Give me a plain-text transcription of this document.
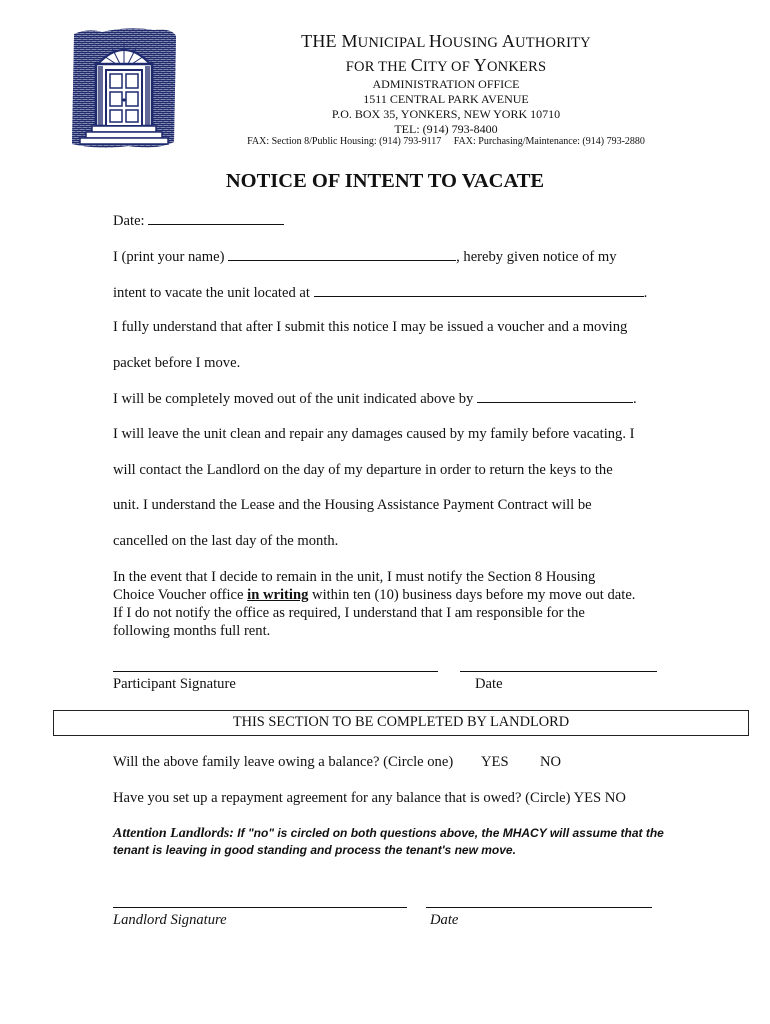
THE MUNICIPAL HOUSING AUTHORITY
FOR THE CITY OF YONKERS
ADMINISTRATION OFFICE
1511 CENTRAL PARK AVENUE
P.O. BOX 35, YONKERS, NEW YORK 10710
TEL: (914) 793-8400
FAX: Section 8/Public Housing: (914) 793-9117     FAX: Purchasing/Maintenance: (914) 793-2880
NOTICE OF INTENT TO VACATE
Date:
I (print your name)	, hereby given notice of my
intent to vacate the unit located at	.
I fully understand that after I submit this notice I may be issued a voucher and a moving
packet before I move.
I will be completely moved out of the unit indicated above by	.
I will leave the unit clean and repair any damages caused by my family before vacating. I
will contact the Landlord on the day of my departure in order to return the keys to the
unit. I understand the Lease and the Housing Assistance Payment Contract will be
cancelled on the last day of the month.
In the event that I decide to remain in the unit, I must notify the Section 8 Housing
Choice Voucher office in writing within ten (10) business days before my move out date.
If I do not notify the office as required, I understand that I am responsible for the
following months full rent.
Participant Signature	Date
THIS SECTION TO BE COMPLETED BY LANDLORD
Will the above family leave owing a balance? (Circle one) YES NO
Have you set up a repayment agreement for any balance that is owed? (Circle) YES NO
Attention Landlords: If "no" is circled on both questions above, the MHACY will assume that the tenant is leaving in good standing and process the tenant's new move.
Landlord Signature	Date
